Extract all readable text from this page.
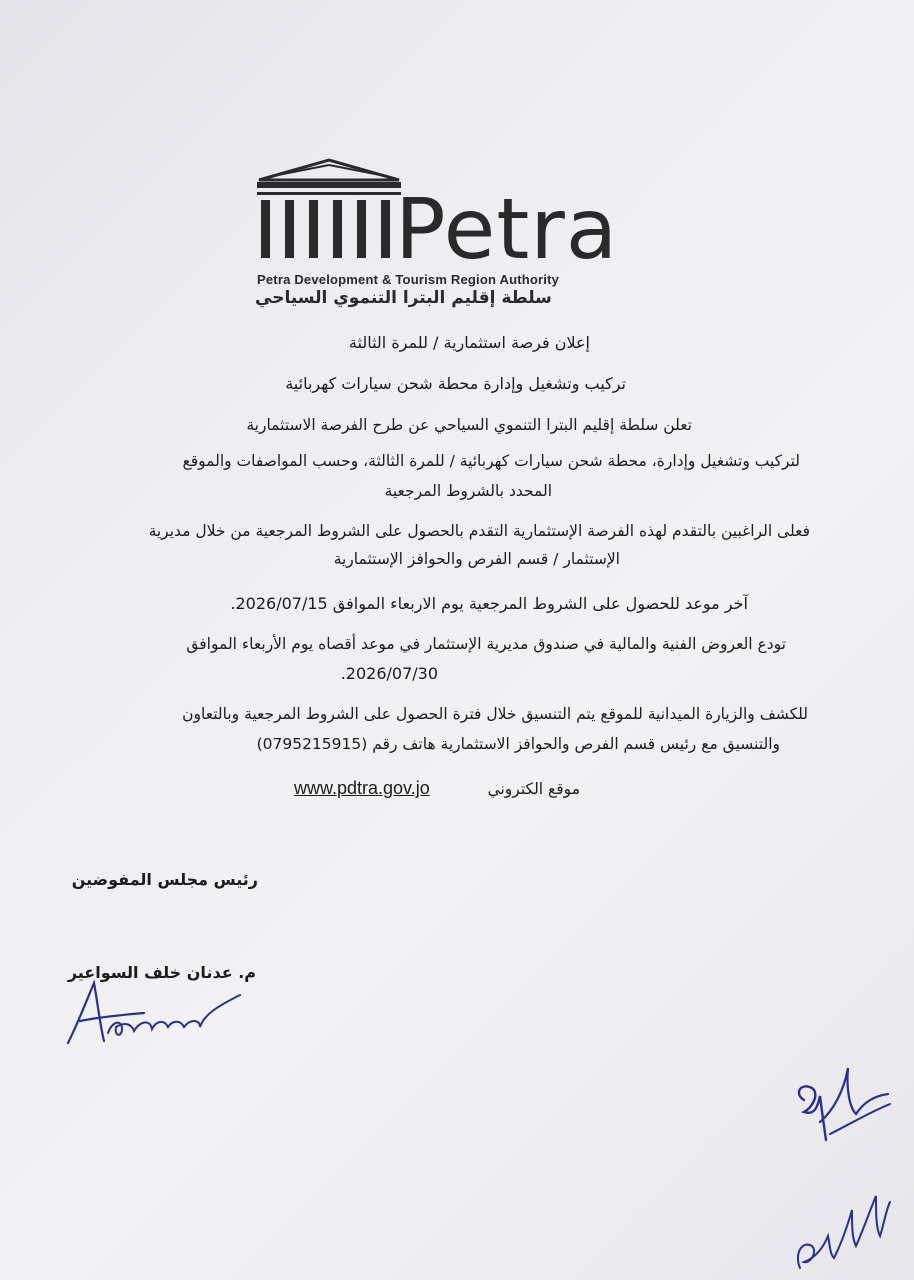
Petra
Petra Development & Tourism Region Authority
سلطة إقليم البترا التنموي السياحي
إعلان فرصة استثمارية / للمرة الثالثة
تركيب وتشغيل وإدارة محطة شحن سيارات كهربائية
تعلن سلطة إقليم البترا التنموي السياحي عن طرح الفرصة الاستثمارية
لتركيب وتشغيل وإدارة، محطة شحن سيارات كهربائية / للمرة الثالثة، وحسب المواصفات والموقع
المحدد بالشروط المرجعية
فعلى الراغبين بالتقدم لهذه الفرصة الإستثمارية التقدم بالحصول على الشروط المرجعية من خلال مديرية
الإستثمار / قسم الفرص والحوافز الإستثمارية
آخر موعد للحصول على الشروط المرجعية يوم الاربعاء الموافق 2026/07/15.
تودع العروض الفنية والمالية في صندوق مديرية الإستثمار في موعد أقصاه يوم الأربعاء الموافق
2026/07/30.
للكشف والزيارة الميدانية للموقع يتم التنسيق خلال فترة الحصول على الشروط المرجعية وبالتعاون
والتنسيق مع رئيس قسم الفرص والحوافز الاستثمارية هاتف رقم (0795215915)
موقع الكتروني
www.pdtra.gov.jo
رئيس مجلس المفوضين
م. عدنان خلف السواعير
